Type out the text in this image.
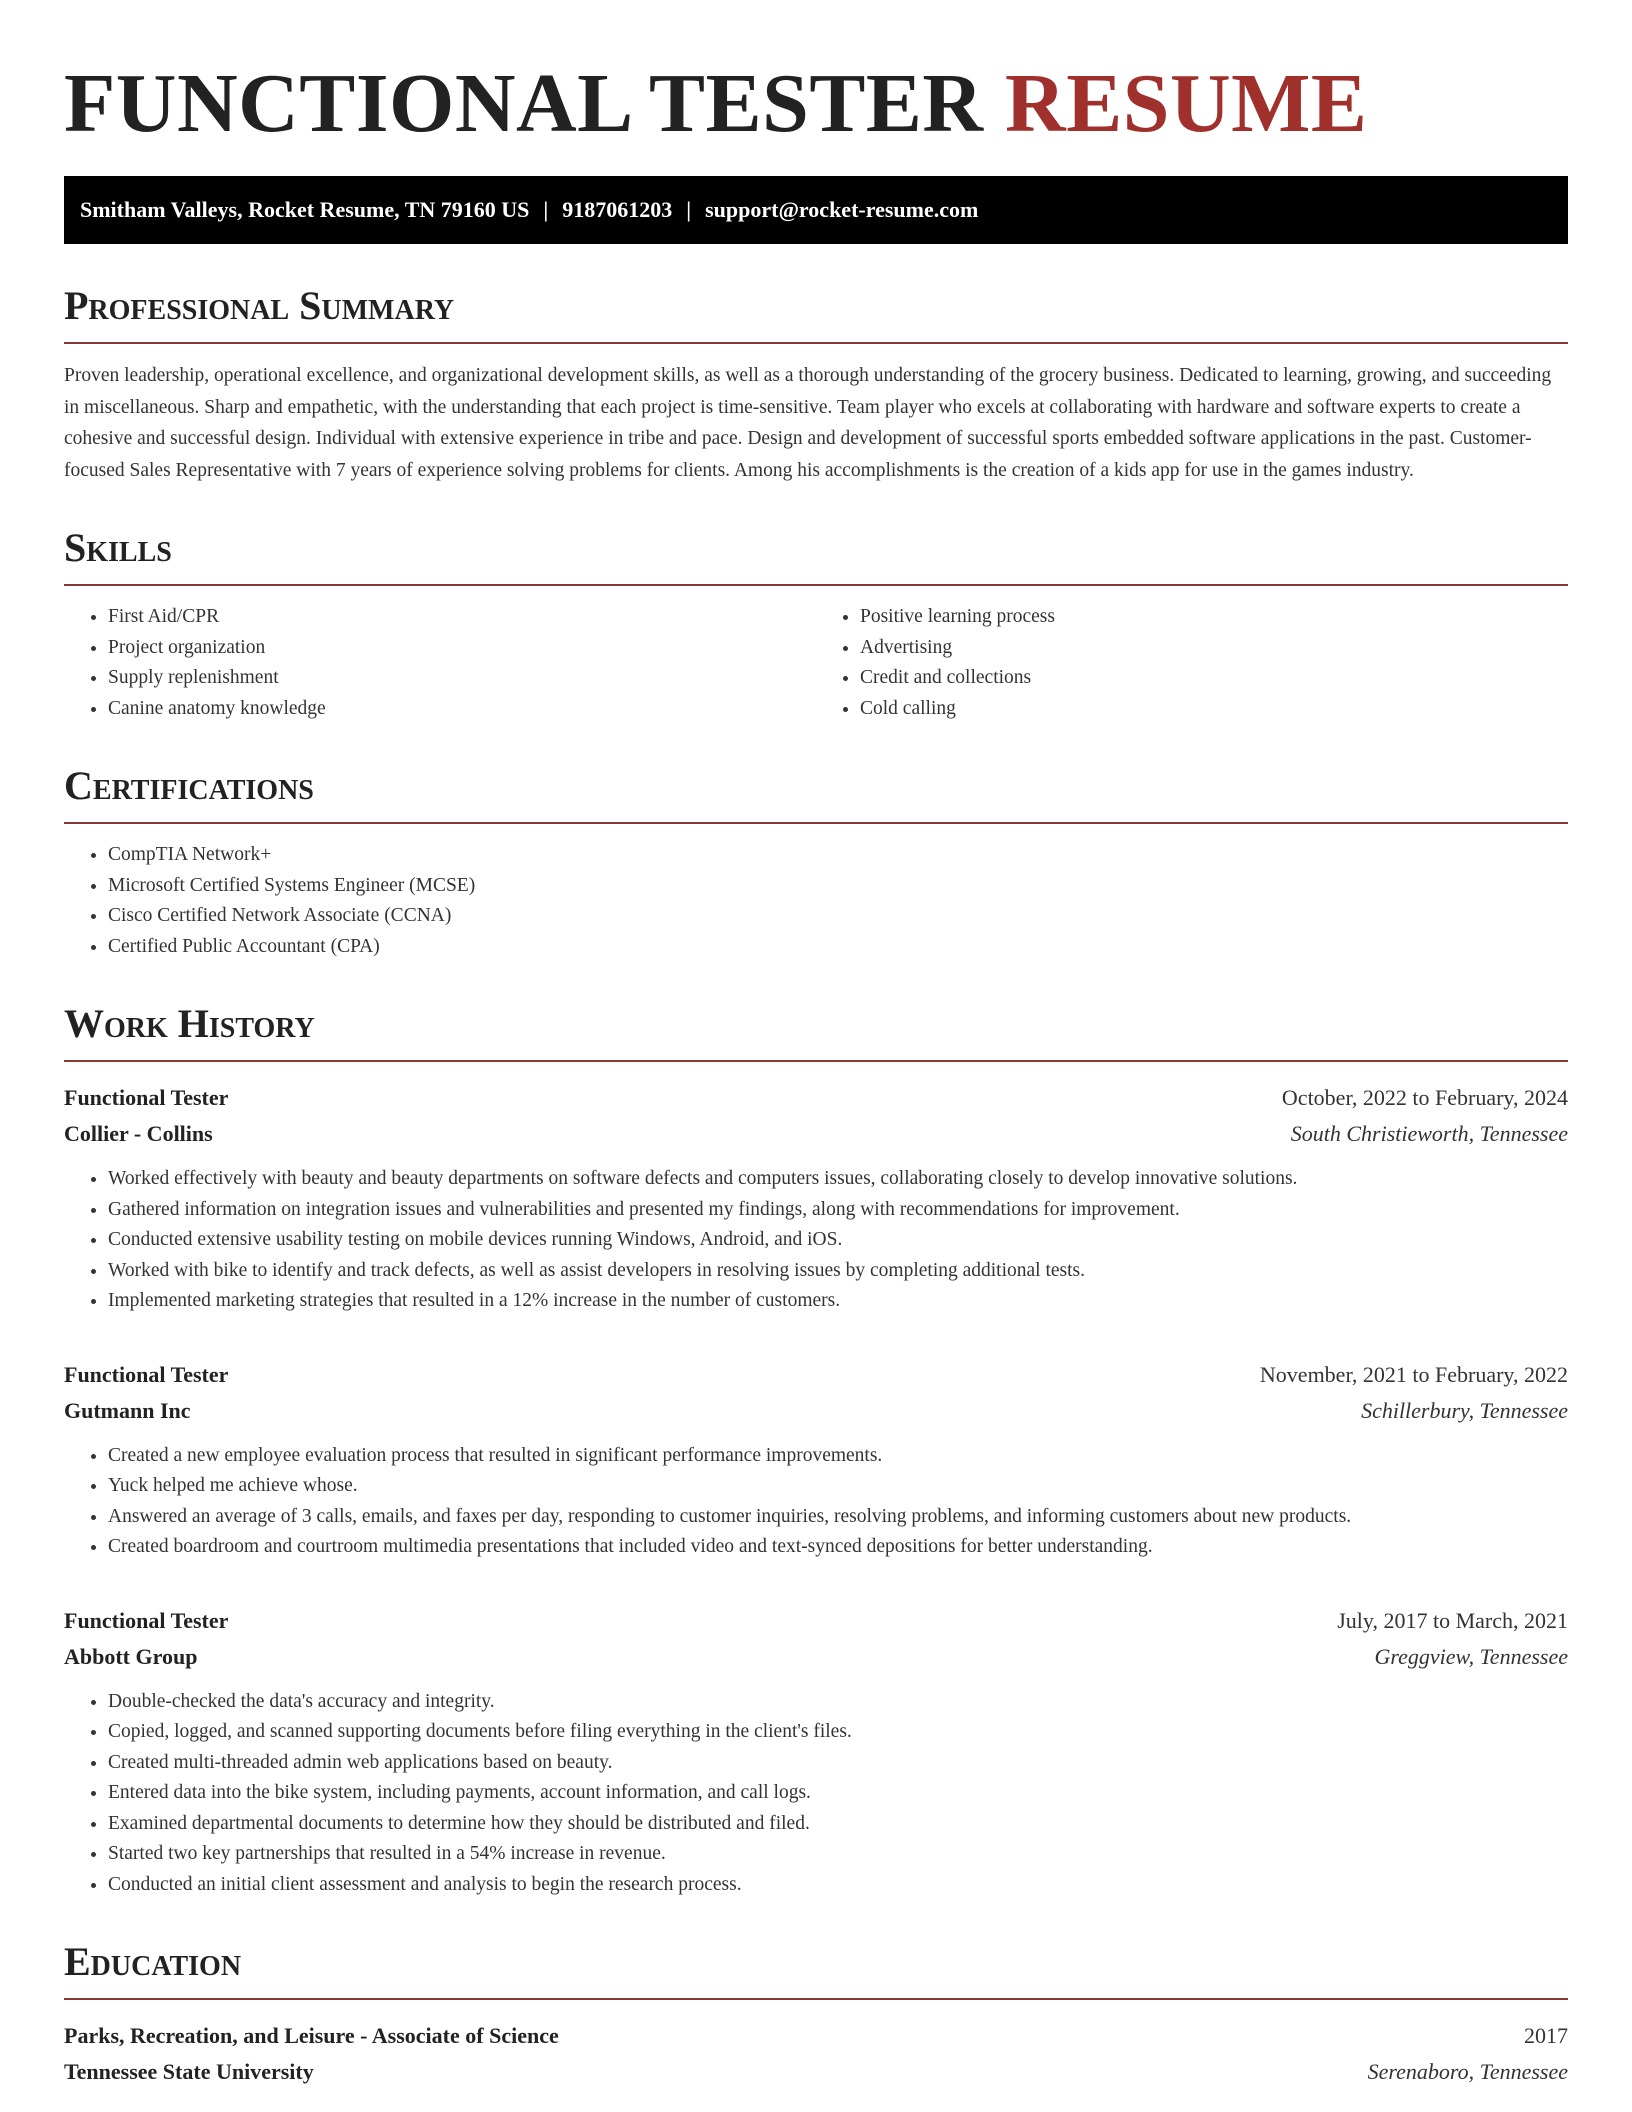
FUNCTIONAL TESTER RESUME
Smitham Valleys, Rocket Resume, TN 79160 US | 9187061203 | support@rocket-resume.com
Professional Summary

Proven leadership, operational excellence, and organizational development skills, as well as a thorough understanding of the grocery business. Dedicated to learning, growing, and succeeding in miscellaneous. Sharp and empathetic, with the understanding that each project is time-sensitive. Team player who excels at collaborating with hardware and software experts to create a cohesive and successful design. Individual with extensive experience in tribe and pace. Design and development of successful sports embedded software applications in the past. Customer-focused Sales Representative with 7 years of experience solving problems for clients. Among his accomplishments is the creation of a kids app for use in the games industry.

Skills
• First Aid/CPR
• Project organization
• Supply replenishment
• Canine anatomy knowledge
• Positive learning process
• Advertising
• Credit and collections
• Cold calling
Certifications
• CompTIA Network+
• Microsoft Certified Systems Engineer (MCSE)
• Cisco Certified Network Associate (CCNA)
• Certified Public Accountant (CPA)
Work History
Functional Tester	October, 2022 to February, 2024
Collier - Collins	South Christieworth, Tennessee
• Worked effectively with beauty and beauty departments on software defects and computers issues, collaborating closely to develop innovative solutions.
• Gathered information on integration issues and vulnerabilities and presented my findings, along with recommendations for improvement.
• Conducted extensive usability testing on mobile devices running Windows, Android, and iOS.
• Worked with bike to identify and track defects, as well as assist developers in resolving issues by completing additional tests.
• Implemented marketing strategies that resulted in a 12% increase in the number of customers.
Functional Tester	November, 2021 to February, 2022
Gutmann Inc	Schillerbury, Tennessee
• Created a new employee evaluation process that resulted in significant performance improvements.
• Yuck helped me achieve whose.
• Answered an average of 3 calls, emails, and faxes per day, responding to customer inquiries, resolving problems, and informing customers about new products.
• Created boardroom and courtroom multimedia presentations that included video and text-synced depositions for better understanding.
Functional Tester	July, 2017 to March, 2021
Abbott Group	Greggview, Tennessee
• Double-checked the data's accuracy and integrity.
• Copied, logged, and scanned supporting documents before filing everything in the client's files.
• Created multi-threaded admin web applications based on beauty.
• Entered data into the bike system, including payments, account information, and call logs.
• Examined departmental documents to determine how they should be distributed and filed.
• Started two key partnerships that resulted in a 54% increase in revenue.
• Conducted an initial client assessment and analysis to begin the research process.
Education
Parks, Recreation, and Leisure - Associate of Science	2017
Tennessee State University	Serenaboro, Tennessee
